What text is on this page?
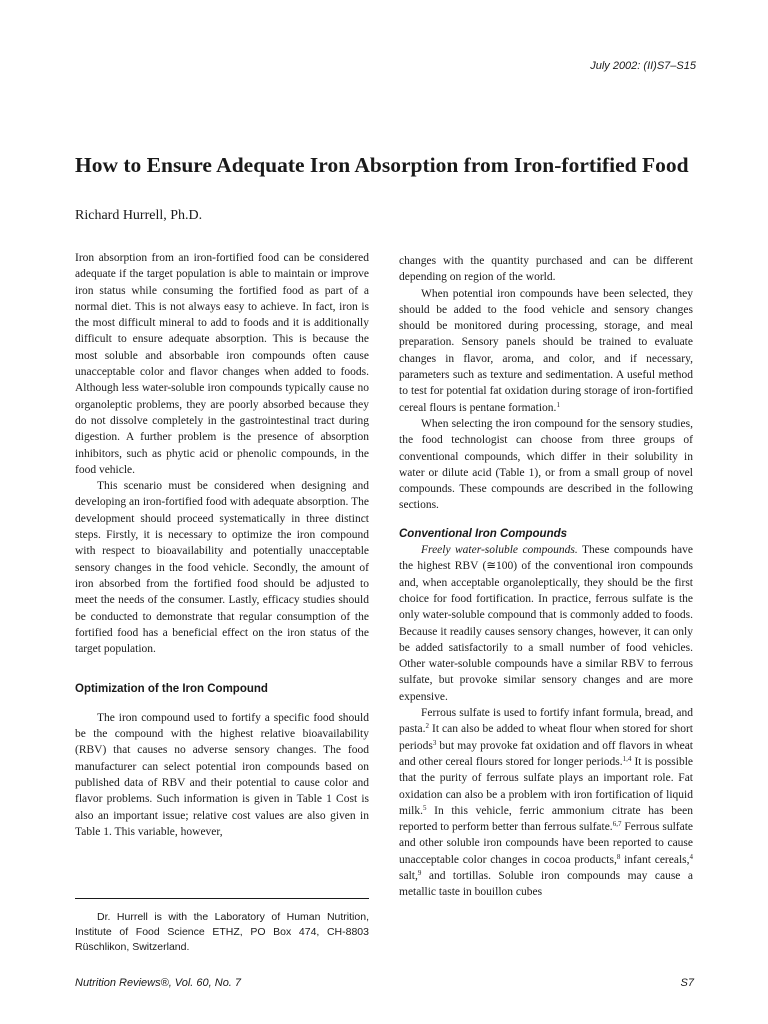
July 2002: (II)S7–S15
How to Ensure Adequate Iron Absorption from Iron-fortified Food
Richard Hurrell, Ph.D.

Iron absorption from an iron-fortified food can be considered adequate if the target population is able to maintain or improve iron status while consuming the fortified food as part of a normal diet. This is not always easy to achieve. In fact, iron is the most difficult mineral to add to foods and it is additionally difficult to ensure adequate absorption. This is because the most soluble and absorbable iron compounds often cause unacceptable color and flavor changes when added to foods. Although less water-soluble iron compounds typically cause no organoleptic problems, they are poorly absorbed because they do not dissolve completely in the gastrointestinal tract during digestion. A further problem is the presence of absorption inhibitors, such as phytic acid or phenolic compounds, in the food vehicle.

This scenario must be considered when designing and developing an iron-fortified food with adequate absorption. The development should proceed systematically in three distinct steps. Firstly, it is necessary to optimize the iron compound with respect to bioavailability and potentially unacceptable sensory changes in the food vehicle. Secondly, the amount of iron absorbed from the fortified food should be adjusted to meet the needs of the consumer. Lastly, efficacy studies should be conducted to demonstrate that regular consumption of the fortified food has a beneficial effect on the iron status of the target population.

Optimization of the Iron Compound

The iron compound used to fortify a specific food should be the compound with the highest relative bioavailability (RBV) that causes no adverse sensory changes. The food manufacturer can select potential iron compounds based on published data of RBV and their potential to cause color and flavor problems. Such information is given in Table 1 Cost is also an important issue; relative cost values are also given in Table 1. This variable, however,

Dr. Hurrell is with the Laboratory of Human Nutrition, Institute of Food Science ETHZ, PO Box 474, CH-8803 Rüschlikon, Switzerland.

changes with the quantity purchased and can be different depending on region of the world.

When potential iron compounds have been selected, they should be added to the food vehicle and sensory changes should be monitored during processing, storage, and meal preparation. Sensory panels should be trained to evaluate changes in flavor, aroma, and color, and if necessary, parameters such as texture and sedimentation. A useful method to test for potential fat oxidation during storage of iron-fortified cereal flours is pentane formation.$^1$

When selecting the iron compound for the sensory studies, the food technologist can choose from three groups of conventional compounds, which differ in their solubility in water or dilute acid (Table 1), or from a small group of novel compounds. These compounds are described in the following sections.

Conventional Iron Compounds

Freely water-soluble compounds. These compounds have the highest RBV (≅100) of the conventional iron compounds and, when acceptable organoleptically, they should be the first choice for food fortification. In practice, ferrous sulfate is the only water-soluble compound that is commonly added to foods. Because it readily causes sensory changes, however, it can only be added satisfactorily to a small number of food vehicles. Other water-soluble compounds have a similar RBV to ferrous sulfate, but provoke similar sensory changes and are more expensive.

Ferrous sulfate is used to fortify infant formula, bread, and pasta.$^2$ It can also be added to wheat flour when stored for short periods$^3$ but may provoke fat oxidation and off flavors in wheat and other cereal flours stored for longer periods.$^{1,4}$ It is possible that the purity of ferrous sulfate plays an important role. Fat oxidation can also be a problem with iron fortification of liquid milk.$^5$ In this vehicle, ferric ammonium citrate has been reported to perform better than ferrous sulfate.$^{6,7}$ Ferrous sulfate and other soluble iron compounds have been reported to cause unacceptable color changes in cocoa products,$^8$ infant cereals,$^4$ salt,$^9$ and tortillas. Soluble iron compounds may cause a metallic taste in bouillon cubes

Nutrition Reviews®, Vol. 60, No. 7	S7
